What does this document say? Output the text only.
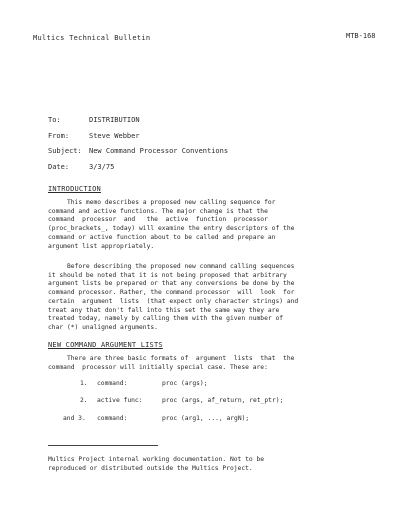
Multics Technical Bulletin	MTB-168
To:	DISTRIBUTION
From:	Steve Webber
Subject: New Command Processor Conventions
Date:	3/3/75
INTRODUCTION
This memo describes a proposed new calling sequence for
command and active functions. The major change is that the
command  processor  and   the  active  function  processor
(proc_brackets_, today) will examine the entry descriptors of the
command or active function about to be called and prepare an
argument list appropriately.
Before describing the proposed new command calling sequences
it should be noted that it is not being proposed that arbitrary
argument lists be prepared or that any conversions be done by the
command processor. Rather, the command processor  will  look  for
certain  argument  lists  (that expect only character strings) and
treat any that don't fall into this set the same way they are
treated today, namely by calling them with the given number of
char (*) unaligned arguments.
NEW COMMAND ARGUMENT LISTS
There are three basic formats of  argument  lists  that  the
command  processor will initially special case. These are:
1. command:	proc (args);
2. active func:	proc (args, af_return, ret_ptr);
and 3. command:	proc (arg1, ..., argN);
Multics Project internal working documentation. Not to be
reproduced or distributed outside the Multics Project.
